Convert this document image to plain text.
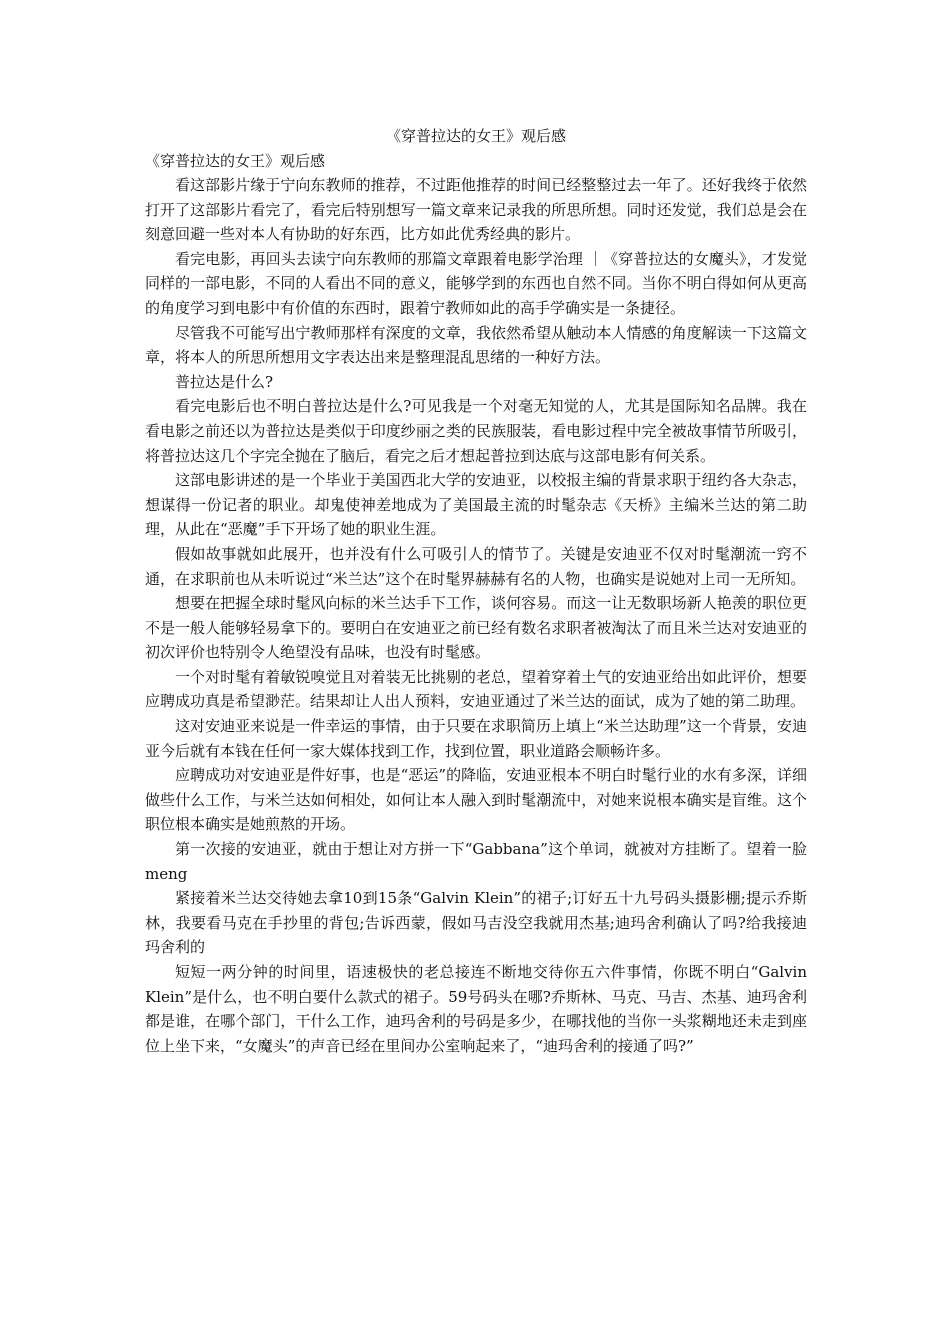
《穿普拉达的女王》观后感

《穿普拉达的女王》观后感

看这部影片缘于宁向东教师的推荐，不过距他推荐的时间已经整整过去一年了。还好我终于依然打开了这部影片看完了，看完后特别想写一篇文章来记录我的所思所想。同时还发觉，我们总是会在刻意回避一些对本人有协助的好东西，比方如此优秀经典的影片。

看完电影，再回头去读宁向东教师的那篇文章跟着电影学治理 ｜《穿普拉达的女魔头》，才发觉同样的一部电影，不同的人看出不同的意义，能够学到的东西也自然不同。当你不明白得如何从更高的角度学习到电影中有价值的东西时，跟着宁教师如此的高手学确实是一条捷径。

尽管我不可能写出宁教师那样有深度的文章，我依然希望从触动本人情感的角度解读一下这篇文章，将本人的所思所想用文字表达出来是整理混乱思绪的一种好方法。

普拉达是什么?

看完电影后也不明白普拉达是什么?可见我是一个对毫无知觉的人，尤其是国际知名品牌。我在看电影之前还以为普拉达是类似于印度纱丽之类的民族服装，看电影过程中完全被故事情节所吸引，将普拉达这几个字完全抛在了脑后，看完之后才想起普拉到达底与这部电影有何关系。

这部电影讲述的是一个毕业于美国西北大学的安迪亚，以校报主编的背景求职于纽约各大杂志，想谋得一份记者的职业。却鬼使神差地成为了美国最主流的时髦杂志《天桥》主编米兰达的第二助理，从此在“恶魔”手下开场了她的职业生涯。

假如故事就如此展开，也并没有什么可吸引人的情节了。关键是安迪亚不仅对时髦潮流一窍不通，在求职前也从未听说过“米兰达”这个在时髦界赫赫有名的人物，也确实是说她对上司一无所知。

想要在把握全球时髦风向标的米兰达手下工作，谈何容易。而这一让无数职场新人艳羡的职位更不是一般人能够轻易拿下的。要明白在安迪亚之前已经有数名求职者被淘汰了而且米兰达对安迪亚的初次评价也特别令人绝望没有品味，也没有时髦感。

一个对时髦有着敏锐嗅觉且对着装无比挑剔的老总，望着穿着土气的安迪亚给出如此评价，想要应聘成功真是希望渺茫。结果却让人出人预料，安迪亚通过了米兰达的面试，成为了她的第二助理。

这对安迪亚来说是一件幸运的事情，由于只要在求职简历上填上“米兰达助理”这一个背景，安迪亚今后就有本钱在任何一家大媒体找到工作，找到位置，职业道路会顺畅许多。

应聘成功对安迪亚是件好事，也是“恶运”的降临，安迪亚根本不明白时髦行业的水有多深，详细做些什么工作，与米兰达如何相处，如何让本人融入到时髦潮流中，对她来说根本确实是盲维。这个职位根本确实是她煎熬的开场。

第一次接的安迪亚，就由于想让对方拼一下“Gabbana”这个单词，就被对方挂断了。望着一脸meng

紧接着米兰达交待她去拿10到15条“Galvin Klein”的裙子;订好五十九号码头摄影棚;提示乔斯林，我要看马克在手抄里的背包;告诉西蒙，假如马吉没空我就用杰基;迪玛舍利确认了吗?给我接迪玛舍利的

短短一两分钟的时间里，语速极快的老总接连不断地交待你五六件事情，你既不明白“Galvin Klein”是什么，也不明白要什么款式的裙子。59号码头在哪?乔斯林、马克、马吉、杰基、迪玛舍利都是谁，在哪个部门，干什么工作，迪玛舍利的号码是多少，在哪找他的当你一头浆糊地还未走到座位上坐下来，“女魔头”的声音已经在里间办公室响起来了，“迪玛舍利的接通了吗?”
